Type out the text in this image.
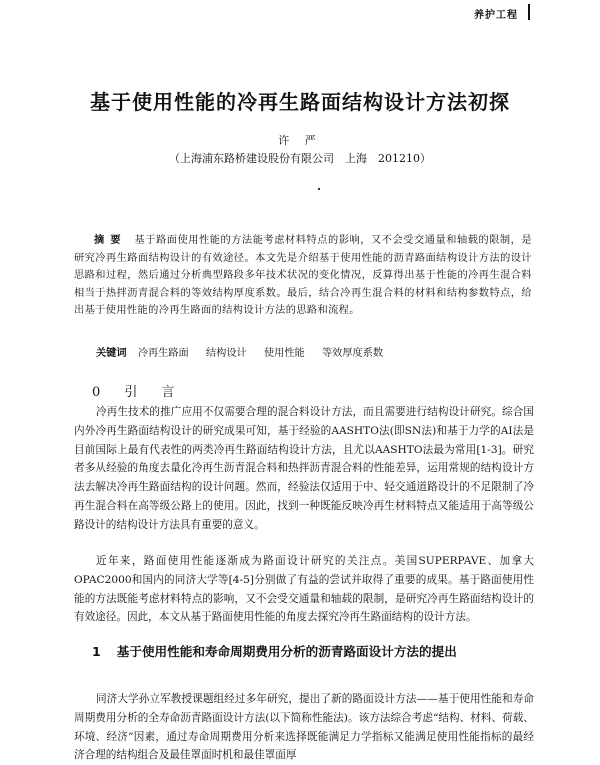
养护工程
基于使用性能的冷再生路面结构设计方法初探
许 严
（上海浦东路桥建设股份有限公司　上海　201210）
摘要 基于路面使用性能的方法能考虑材料特点的影响，又不会受交通量和轴载的限制，是研究冷再生路面结构设计的有效途径。本文先是介绍基于使用性能的沥青路面结构设计方法的设计思路和过程，然后通过分析典型路段多年技术状况的变化情况，反算得出基于性能的冷再生混合料相当于热拌沥青混合料的等效结构厚度系数。最后，结合冷再生混合料的材料和结构参数特点，给出基于使用性能的冷再生路面的结构设计方法的思路和流程。
关键词 冷再生路面 结构设计 使用性能 等效厚度系数
0 引 言
冷再生技术的推广应用不仅需要合理的混合料设计方法，而且需要进行结构设计研究。综合国内外冷再生路面结构设计的研究成果可知，基于经验的AASHTO法(即SN法)和基于力学的AI法是目前国际上最有代表性的两类冷再生路面结构设计方法，且尤以AASHTO法最为常用[1-3]。研究者多从经验的角度去量化冷再生沥青混合料和热拌沥青混合料的性能差异，运用常规的结构设计方法去解决冷再生路面结构的设计问题。然而，经验法仅适用于中、轻交通道路设计的不足限制了冷再生混合料在高等级公路上的使用。因此，找到一种既能反映冷再生材料特点又能适用于高等级公路设计的结构设计方法具有重要的意义。
近年来，路面使用性能逐渐成为路面设计研究的关注点。美国SUPERPAVE、加拿大OPAC2000和国内的同济大学等[4-5]分别做了有益的尝试并取得了重要的成果。基于路面使用性能的方法既能考虑材料特点的影响，又不会受交通量和轴载的限制，是研究冷再生路面结构设计的有效途径。因此，本文从基于路面使用性能的角度去探究冷再生路面结构的设计方法。
1 基于使用性能和寿命周期费用分析的沥青路面设计方法的提出
同济大学孙立军教授课题组经过多年研究，提出了新的路面设计方法——基于使用性能和寿命周期费用分析的全寿命沥青路面设计方法(以下简称性能法)。该方法综合考虑“结构、材料、荷载、环境、经济”因素，通过寿命周期费用分析来选择既能满足力学指标又能满足使用性能指标的最经济合理的结构组合及最佳罩面时机和最佳罩面厚
